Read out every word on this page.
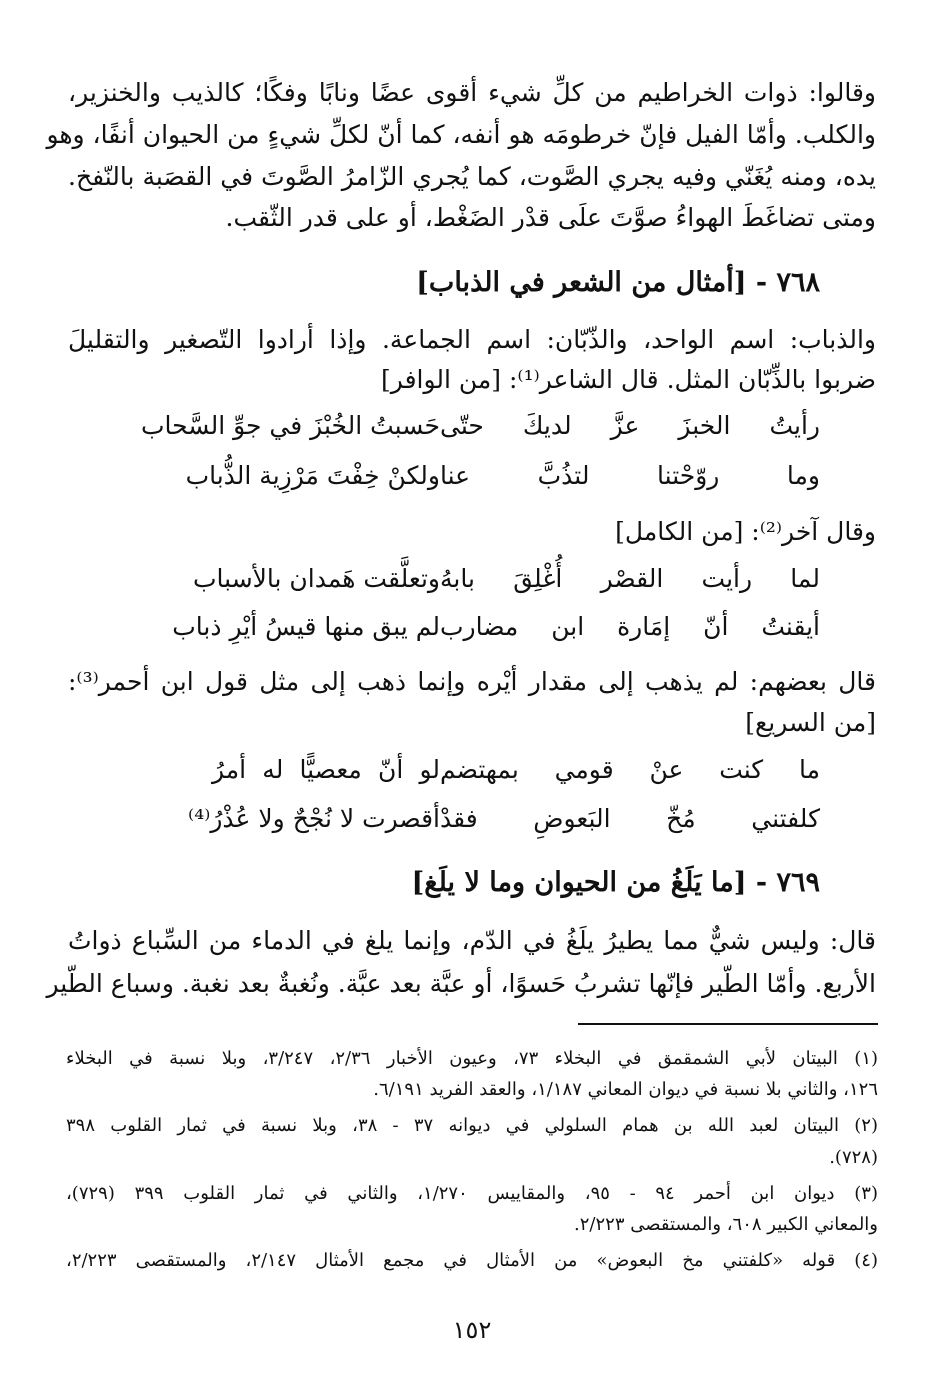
وقالوا: ذوات الخراطيم من كلِّ شيء أقوى عضًا ونابًا وفكًا؛ كالذيب والخنزير،
والكلب. وأمّا الفيل فإنّ خرطومَه هو أنفه، كما أنّ لكلِّ شيءٍ من الحيوان أنفًا، وهو
يده، ومنه يُغَنّي وفيه يجري الصَّوت، كما يُجري الزّامرُ الصَّوتَ في القصَبة بالنّفخ.
ومتى تضاغَطَ الهواءُ صوَّتَ علَى قدْر الضَغْط، أو على قدر الثّقب.
٧٦٨ - [أمثال من الشعر في الذباب]
والذباب: اسم الواحد، والذّبّان: اسم الجماعة. وإذا أرادوا التّصغير والتقليلَ
ضربوا بالذِّبّان المثل. قال الشاعر⁽¹⁾: [من الوافر]
رأيتُ الخبزَ عزَّ لديكَ حتّى
حَسبتُ الخُبْزَ في جوِّ السَّحاب
وما روّحْتنا لتذُبَّ عنا
ولكنْ خِفْتَ مَرْزِية الذُّباب
وقال آخر⁽²⁾: [من الكامل]
لما رأيت القصْر أُغْلِقَ بابهُ
وتعلَّقت هَمدان بالأسباب
أيقنتُ أنّ إمَارة ابن مضارب
لم يبق منها قيسُ أيْرِ ذباب
قال بعضهم: لم يذهب إلى مقدار أيْره وإنما ذهب إلى مثل قول ابن أحمر⁽³⁾:
[من السريع]
ما كنت عنْ قومي بمهتضم
لو أنّ معصيًّا له أمرُ
كلفتني مُخّ البَعوضِ فقدْ
أقصرت لا نُجْحٌ ولا عُذْرُ⁽⁴⁾
٧٦٩ - [ما يَلَغُ من الحيوان وما لا يلَغ]
قال: وليس شيٌّ مما يطيرُ يلَغُ في الدّم، وإنما يلغ في الدماء من السِّباع ذواتُ
الأربع. وأمّا الطّير فإنّها تشربُ حَسوًا، أو عبَّة بعد عبَّة. ونُغبةٌ بعد نغبة. وسباع الطّير
(١) البيتان لأبي الشمقمق في البخلاء ٧٣، وعيون الأخبار ٢/٣٦، ٣/٢٤٧، وبلا نسبة في البخلاء
١٢٦، والثاني بلا نسبة في ديوان المعاني ١/١٨٧، والعقد الفريد ٦/١٩١.
(٢) البيتان لعبد الله بن همام السلولي في ديوانه ٣٧ - ٣٨، وبلا نسبة في ثمار القلوب ٣٩٨
(٧٢٨).
(٣) ديوان ابن أحمر ٩٤ - ٩٥، والمقاييس ١/٢٧٠، والثاني في ثمار القلوب ٣٩٩ (٧٢٩)،
والمعاني الكبير ٦٠٨، والمستقصى ٢/٢٢٣.
(٤) قوله «كلفتني مخ البعوض» من الأمثال في مجمع الأمثال ٢/١٤٧، والمستقصى ٢/٢٢٣،
١٥٢
